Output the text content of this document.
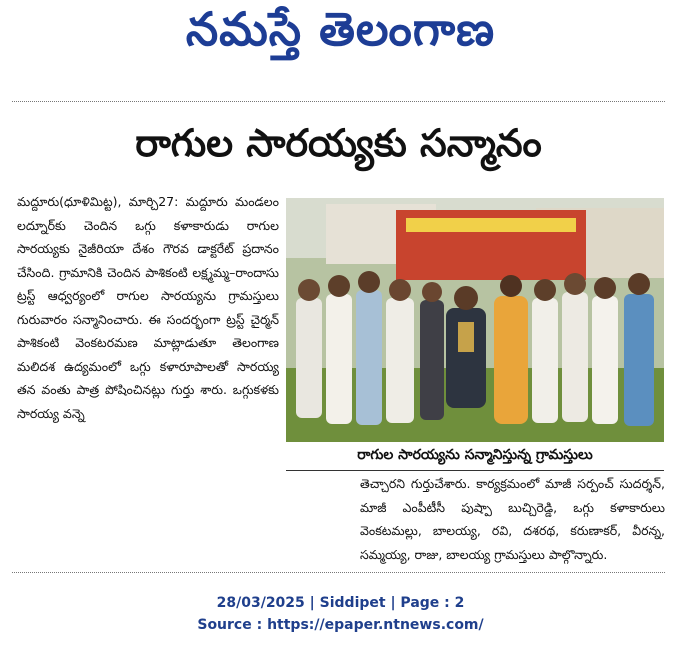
నమస్తే తెలంగాణ
రాగుల సారయ్యకు సన్మానం

మద్దూరు(ధూళిమిట్ట), మార్చి27: మద్దూరు మండలం లద్నూర్‌కు చెందిన ఒగ్గు కళాకారుడు రాగుల సారయ్యకు నైజీరియా దేశం గౌరవ డాక్టరేట్ ప్రదానం చేసింది. గ్రామానికి చెందిన పాశికంటి లక్ష్మమ్మ–రాందాసు ట్రస్ట్ ఆధ్వర్యంలో రాగుల సారయ్యను గ్రామస్తులు గురువారం సన్మానించారు. ఈ సందర్భంగా ట్రస్ట్ చైర్మన్ పాశికంటి వెంకటరమణ మాట్లాడుతూ తెలంగాణ మలిదశ ఉద్యమంలో ఒగ్గు కళారూపాలతో సారయ్య తన వంతు పాత్ర పోషించినట్లు గుర్తు శారు. ఒగ్గుకళకు సారయ్య వన్నె

రాగుల సారయ్యను సన్మానిస్తున్న గ్రామస్తులు

తెచ్చారని గుర్తుచేశారు. కార్యక్రమంలో మాజీ సర్పంచ్ సుదర్శన్, మాజీ ఎంపీటీసీ పుష్పా బుచ్చిరెడ్డి, ఒగ్గు కళాకారులు వెంకటమల్లు, బాలయ్య, రవి, దశరథ, కరుణాకర్, వీరన్న, సమ్మయ్య, రాజు, బాలయ్య గ్రామస్తులు పాల్గొన్నారు.

28/03/2025 | Siddipet | Page : 2
Source : https://epaper.ntnews.com/
